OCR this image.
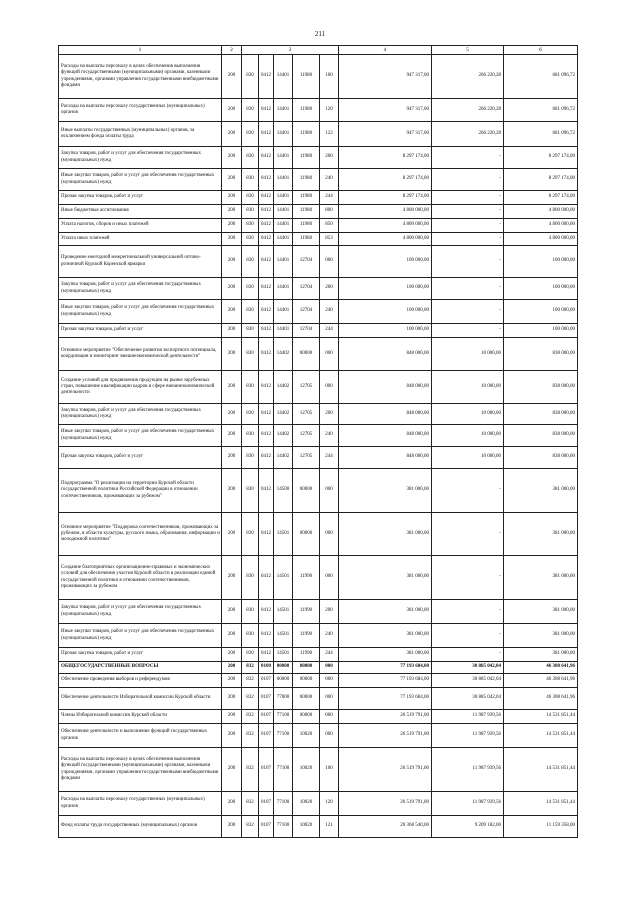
211
1	2	3					4	5	6
Расходы на выплаты персоналу в целях обеспечения выполнения функций государственными (муниципальными) органами, казенными учреждениями, органами управления государственными внебюджетными фондами	200	830	0412	14401	11980	100	947 317,00	266 220,28	681 096,72
Расходы на выплаты персоналу государственных (муниципальных) органов	200	830	0412	14401	11980	120	947 317,00	266 220,28	681 096,72
Иные выплаты государственных (муниципальных) органов, за исключением фонда оплаты труда	200	830	0412	14401	11980	122	947 317,00	266 220,28	681 096,72
Закупка товаров, работ и услуг для обеспечения государственных (муниципальных) нужд	200	830	0412	14401	11980	200	8 297 174,00	-	8 297 174,00
Иные закупки товаров, работ и услуг для обеспечения государственных (муниципальных) нужд	200	830	0412	14401	11980	240	8 297 174,00	-	8 297 174,00
Прочая закупка товаров, работ и услуг	200	830	0412	14401	11980	244	8 297 174,00	-	8 297 174,00
Иные бюджетные ассигнования	200	830	0412	14401	11980	800	4 800 000,00	-	4 800 000,00
Уплата налогов, сборов и иных платежей	200	830	0412	14401	11980	850	4 800 000,00	-	4 800 000,00
Уплата иных платежей	200	830	0412	14401	11980	853	4 800 000,00	-	4 800 000,00
Проведение ежегодной межрегиональной универсальной оптово-розничной Курской Коренской ярмарки	200	830	0412	14401	12704	000	100 000,00	-	100 000,00
Закупка товаров, работ и услуг для обеспечения государственных (муниципальных) нужд	200	830	0412	14401	12704	200	100 000,00	-	100 000,00
Иные закупки товаров, работ и услуг для обеспечения государственных (муниципальных) нужд	200	830	0412	14401	12704	240	100 000,00	-	100 000,00
Прочая закупка товаров, работ и услуг	200	830	0412	14401	12704	244	100 000,00	-	100 000,00
Основное мероприятие "Обеспечение развития экспортного потенциала, координация и мониторинг внешнеэкономической деятельности"	200	830	0412	14402	00000	000	848 000,00	10 000,00	838 000,00
Создание условий для продвижения продукции на рынке зарубежных стран, повышение квалификации кадров в сфере внешнеэкономической деятельности	200	830	0412	14402	12705	000	848 000,00	10 000,00	838 000,00
Закупка товаров, работ и услуг для обеспечения государственных (муниципальных) нужд	200	830	0412	14402	12705	200	848 000,00	10 000,00	838 000,00
Иные закупки товаров, работ и услуг для обеспечения государственных (муниципальных) нужд	200	830	0412	14402	12705	240	848 000,00	10 000,00	838 000,00
Прочая закупка товаров, работ и услуг	200	830	0412	14402	12705	244	848 000,00	10 000,00	838 000,00
Подпрограмма "О реализации на территории Курской области государственной политики Российской Федерации в отношении соотечественников, проживающих за рубежом"	200	830	0412	14500	00000	000	381 000,00	-	381 000,00
Основное мероприятие "Поддержка соотечественников, проживающих за рубежом, в области культуры, русского языка, образования, информации и молодежной политики"	200	830	0412	14501	00000	000	381 000,00	-	381 000,00
Создание благоприятных организационно-правовых и экономических условий для обеспечения участия Курской области в реализации единой государственной политики в отношении соотечественников, проживающих за рубежом	200	830	0412	14501	11990	000	381 000,00	-	381 000,00
Закупка товаров, работ и услуг для обеспечения государственных (муниципальных) нужд	200	830	0412	14501	11990	200	381 000,00	-	381 000,00
Иные закупки товаров, работ и услуг для обеспечения государственных (муниципальных) нужд	200	830	0412	14501	11990	240	381 000,00	-	381 000,00
Прочая закупка товаров, работ и услуг	200	830	0412	14501	11990	244	381 000,00	-	381 000,00
ОБЩЕГОСУДАРСТВЕННЫЕ ВОПРОСЫ	200	832	0100	00000	00000	000	77 193 684,00	30 885 042,04	46 308 641,96
Обеспечение проведения выборов и референдумов	200	832	0107	00000	00000	000	77 193 684,00	30 885 042,04	46 308 641,96
Обеспечение деятельности Избирательной комиссии Курской области	200	832	0107	77000	00000	000	77 193 684,00	30 885 042,04	46 308 641,96
Члены Избирательной комиссии Курской области	200	832	0107	77100	00000	000	26 519 791,00	11 987 939,56	14 531 851,44
Обеспечение деятельности и выполнение функций государственных органов	200	832	0107	77100	10020	000	26 519 791,00	11 987 939,56	14 531 851,44
Расходы на выплаты персоналу в целях обеспечения выполнения функций государственными (муниципальными) органами, казенными учреждениями, органами управления государственными внебюджетными фондами	200	832	0107	77100	10020	100	26 519 791,00	11 987 939,56	14 531 851,44
Расходы на выплаты персоналу государственных (муниципальных) органов	200	832	0107	77100	10020	120	26 519 791,00	11 987 939,56	14 531 851,44
Фонд оплаты труда государственных (муниципальных) органов	200	832	0107	77100	10020	121	20 368 540,00	9 209 182,00	11 159 358,00
